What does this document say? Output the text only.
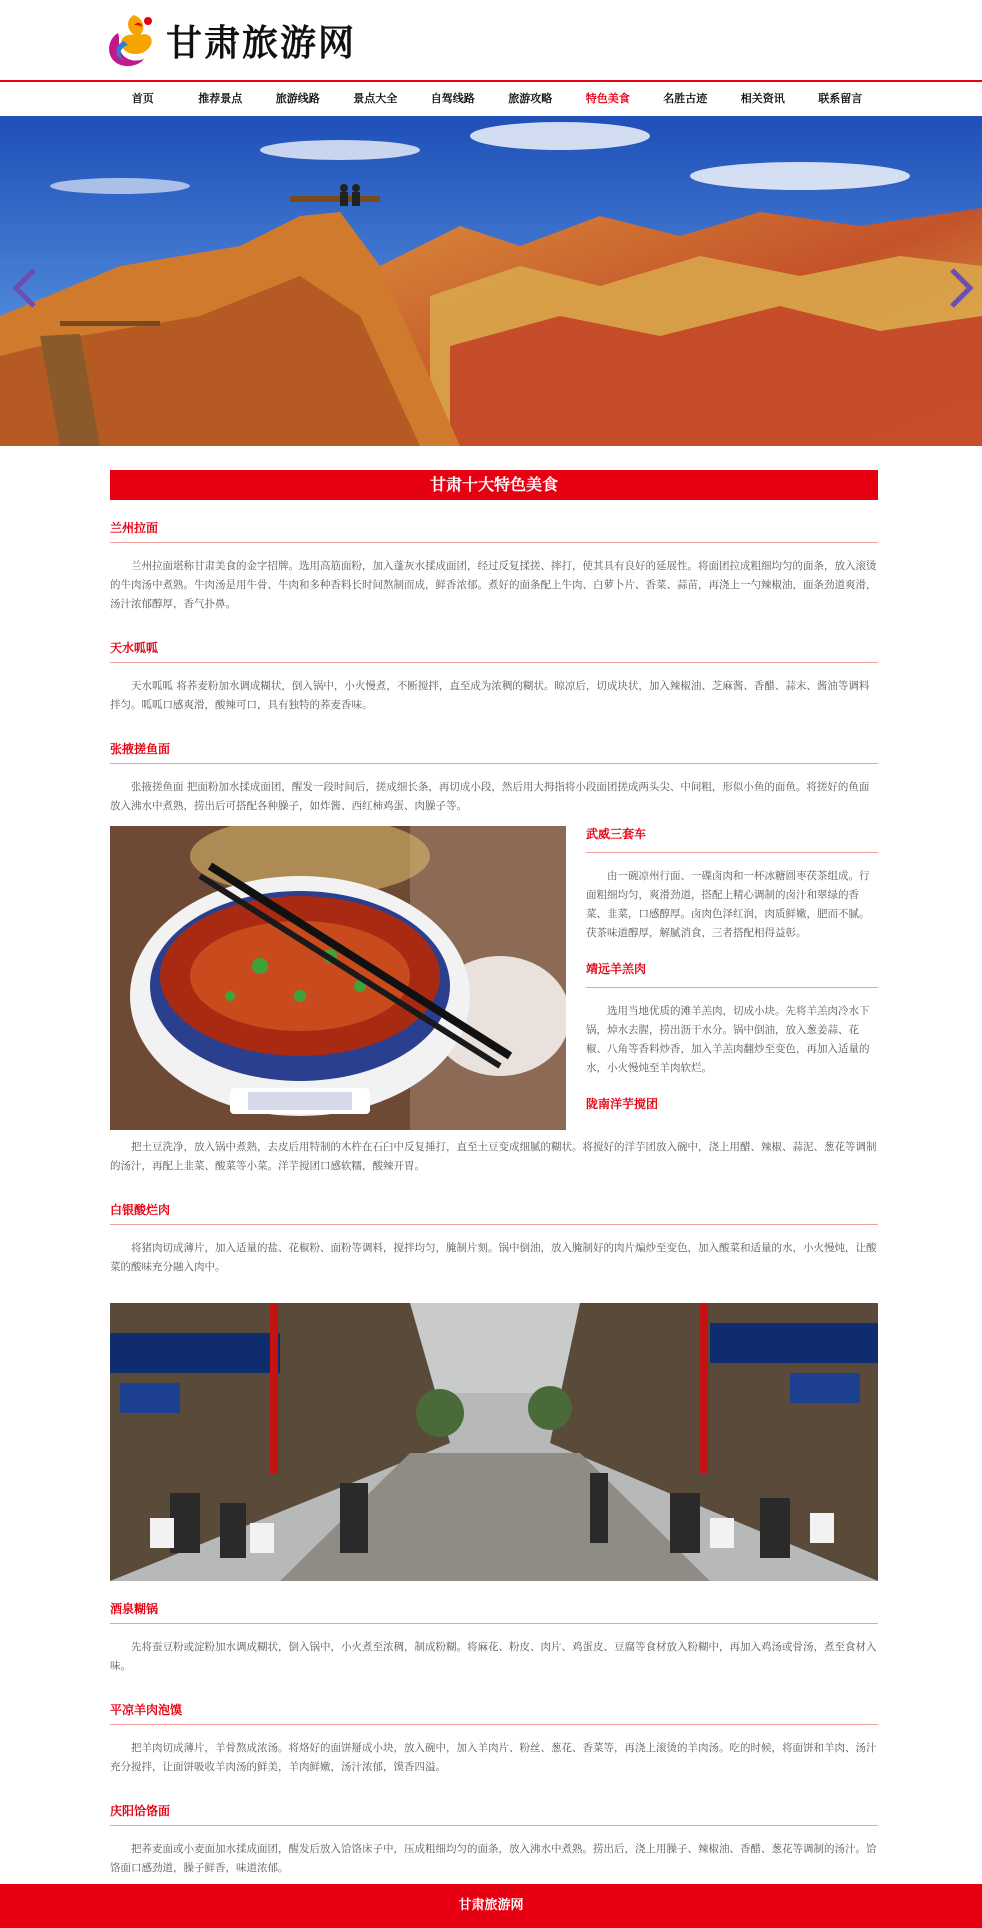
甘肃旅游网
首页	推荐景点	旅游线路	景点大全	自驾线路	旅游攻略	特色美食	名胜古迹	相关资讯	联系留言
甘肃十大特色美食
兰州拉面

兰州拉面堪称甘肃美食的金字招牌。选用高筋面粉，加入蓬灰水揉成面团，经过反复揉搓、摔打，使其具有良好的延展性。将面团拉成粗细均匀的面条，放入滚烫的牛肉汤中煮熟。牛肉汤是用牛骨、牛肉和多种香料长时间熬制而成，鲜香浓郁。煮好的面条配上牛肉、白萝卜片、香菜、蒜苗，再浇上一勺辣椒油，面条劲道爽滑，汤汁浓郁醇厚，香气扑鼻。

天水呱呱

天水呱呱 将荞麦粉加水调成糊状，倒入锅中，小火慢煮，不断搅拌，直至成为浓稠的糊状。晾凉后，切成块状，加入辣椒油、芝麻酱、香醋、蒜末、酱油等调料拌匀。呱呱口感爽滑，酸辣可口，具有独特的荞麦香味。

张掖搓鱼面

张掖搓鱼面 把面粉加水揉成面团，醒发一段时间后，搓成细长条，再切成小段，然后用大拇指将小段面团搓成两头尖、中间粗，形似小鱼的面鱼。将搓好的鱼面放入沸水中煮熟，捞出后可搭配各种臊子，如炸酱、西红柿鸡蛋、肉臊子等。

武威三套车

由一碗凉州行面、一碟卤肉和一杯冰糖圆枣茯茶组成。行面粗细均匀，爽滑劲道，搭配上精心调制的卤汁和翠绿的香菜、韭菜，口感醇厚。卤肉色泽红润，肉质鲜嫩，肥而不腻。茯茶味道醇厚，解腻消食，三者搭配相得益彰。

靖远羊羔肉

选用当地优质的滩羊羔肉，切成小块。先将羊羔肉冷水下锅，焯水去腥，捞出沥干水分。锅中倒油，放入葱姜蒜、花椒、八角等香料炒香，加入羊羔肉翻炒至变色，再加入适量的水，小火慢炖至羊肉软烂。

陇南洋芋搅团

把土豆洗净，放入锅中煮熟，去皮后用特制的木杵在石臼中反复捶打，直至土豆变成细腻的糊状。将搅好的洋芋团放入碗中，浇上用醋、辣椒、蒜泥、葱花等调制的汤汁，再配上韭菜、酸菜等小菜。洋芋搅团口感软糯，酸辣开胃。

白银酸烂肉

将猪肉切成薄片，加入适量的盐、花椒粉、面粉等调料，搅拌均匀，腌制片刻。锅中倒油，放入腌制好的肉片煸炒至变色，加入酸菜和适量的水，小火慢炖，让酸菜的酸味充分融入肉中。

酒泉糊锅

先将蚕豆粉或淀粉加水调成糊状，倒入锅中，小火煮至浓稠，制成粉糊。将麻花、粉皮、肉片、鸡蛋皮、豆腐等食材放入粉糊中，再加入鸡汤或骨汤，煮至食材入味。

平凉羊肉泡馍

把羊肉切成薄片，羊骨熬成浓汤。将烙好的面饼掰成小块，放入碗中，加入羊肉片、粉丝、葱花、香菜等，再浇上滚烫的羊肉汤。吃的时候，将面饼和羊肉、汤汁充分搅拌，让面饼吸收羊肉汤的鲜美，羊肉鲜嫩，汤汁浓郁，馍香四溢。

庆阳饸饹面

把荞麦面或小麦面加水揉成面团，醒发后放入饸饹床子中，压成粗细均匀的面条，放入沸水中煮熟。捞出后，浇上用臊子、辣椒油、香醋、葱花等调制的汤汁。饸饹面口感劲道，臊子鲜香，味道浓郁。

甘肃旅游网
